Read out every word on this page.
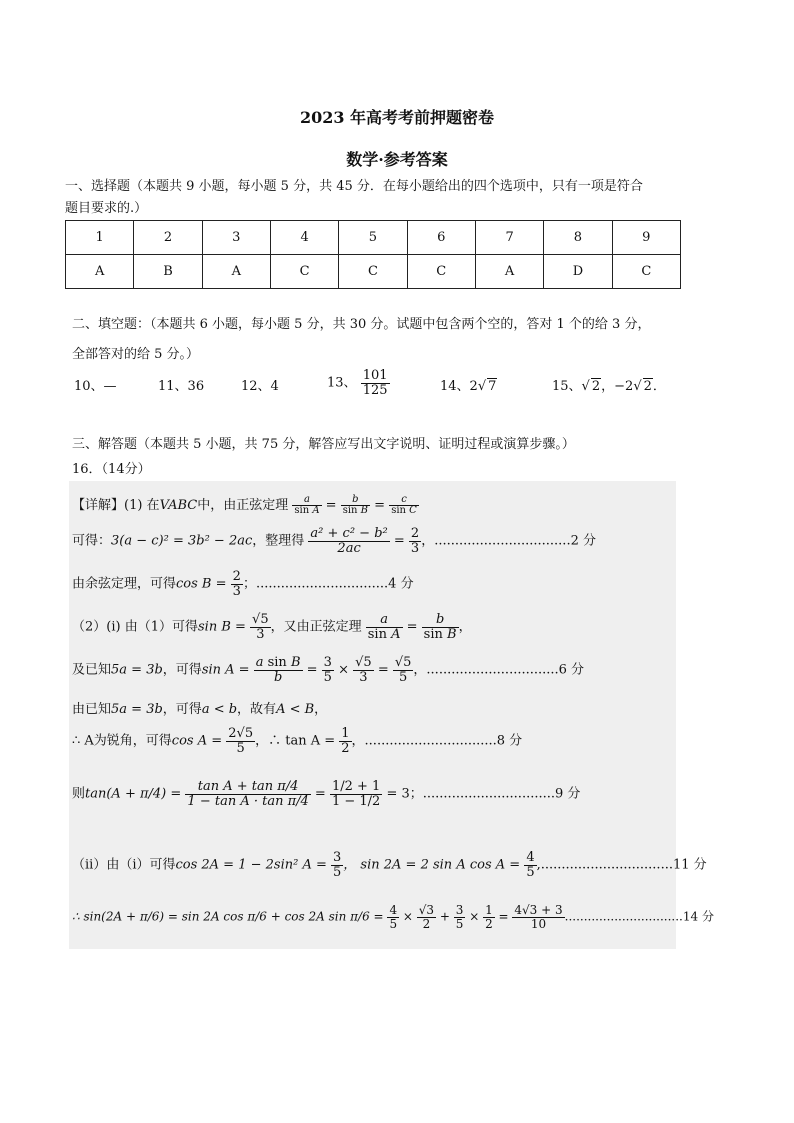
2023 年高考考前押题密卷
数学·参考答案
一、选择题（本题共 9 小题，每小题 5 分，共 45 分．在每小题给出的四个选项中，只有一项是符合
题目要求的.）
1	2	3	4	5	6	7	8	9
A	B	A	C	C	C	A	D	C
二、填空题：（本题共 6 小题，每小题 5 分，共 30 分。试题中包含两个空的，答对 1 个的给 3 分，
全部答对的给 5 分。）
10、—	11、36	12、4	13、 $\frac{101}{125}$	14、2√ 7	15、√ 2，−2√ 2．
三、解答题（本题共 5 小题，共 75 分，解答应写出文字说明、证明过程或演算步骤。）
16．（14分）
【详解】(1) 在VABC中，由正弦定理 $\frac{a}{\text{sin A}} = \frac{b}{\text{sin B}} = \frac{c}{\text{sin C}}$
可得：3(a − c)² = 3b² − 2ac，整理得 $\frac{\text{a² + c² − b²}}{2ac} = \frac{2}{3}$ ，.................................2 分
由余弦定理，可得$\cos B = \frac{2}{3}$ ；................................4 分
（2）(i) 由（1）可得$\sin B = \frac{√5}{3}$ ，又由正弦定理 $\frac{a}{\text{sin A}} = \frac{b}{\text{sin B}}$ ，
及已知5a = 3b，可得$\sin A = \frac{\text{a sin B}}{b} = \frac{3}{5} \times \frac{√5}{3} = \frac{√5}{5}$ ，................................6 分
由已知5a = 3b，可得a < b，故有A < B，
∴ A为锐角，可得$\cos A = \frac{2√5}{5}$ ，∴ $\tan A = \frac{1}{2}$ ，................................8 分
则$\tan(A + \pi/4) = \frac{\text{tan A + tan π/4}}{\text{1 − tan A · tan π/4}} = \frac{1/2 + 1}{1 - 1/2} = 3$；................................9 分
（ii）由（i）可得cos 2A = 1 − 2sin² $A = \frac{3}{5}$ ， sin 2A = 2 sin A $\cos A = \frac{4}{5} ,................................11$ 分
∴ sin(2A + π/6) = sin 2A cos π/6 + cos 2A $\sin \pi/6 = \frac{4}{5} \times \frac{√3}{2} + \frac{3}{5} \times \frac{1}{2} = \frac{4√3 + 3}{10} ...............................14$ 分
